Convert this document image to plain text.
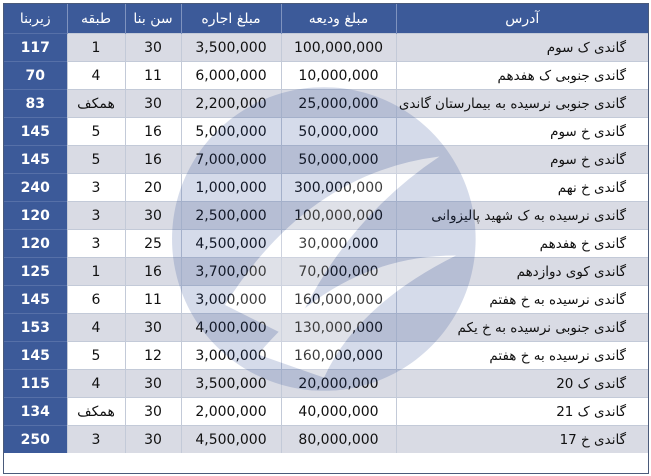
آدرس	مبلغ ودیعه	مبلغ اجاره	سن بنا	طبقه	زیربنا
گاندی ک سوم	100,000,000	3,500,000	30	1	117
گاندی جنوبی ک هفدهم	10,000,000	6,000,000	11	4	70
گاندی جنوبی نرسیده به بیمارستان گاندی	25,000,000	2,200,000	30	همکف	83
گاندی خ سوم	50,000,000	5,000,000	16	5	145
گاندی خ سوم	50,000,000	7,000,000	16	5	145
گاندی خ نهم	300,000,000	1,000,000	20	3	240
گاندی نرسیده به ک شهید پالیزوانی	100,000,000	2,500,000	30	3	120
گاندی خ هفدهم	30,000,000	4,500,000	25	3	120
گاندی کوی دوازدهم	70,000,000	3,700,000	16	1	125
گاندی نرسیده به خ هفتم	160,000,000	3,000,000	11	6	145
گاندی جنوبی نرسیده به خ یکم	130,000,000	4,000,000	30	4	153
گاندی نرسیده به خ هفتم	160,000,000	3,000,000	12	5	145
گاندی ک 20	20,000,000	3,500,000	30	4	115
گاندی ک 21	40,000,000	2,000,000	30	همکف	134
گاندی خ 17	80,000,000	4,500,000	30	3	250
